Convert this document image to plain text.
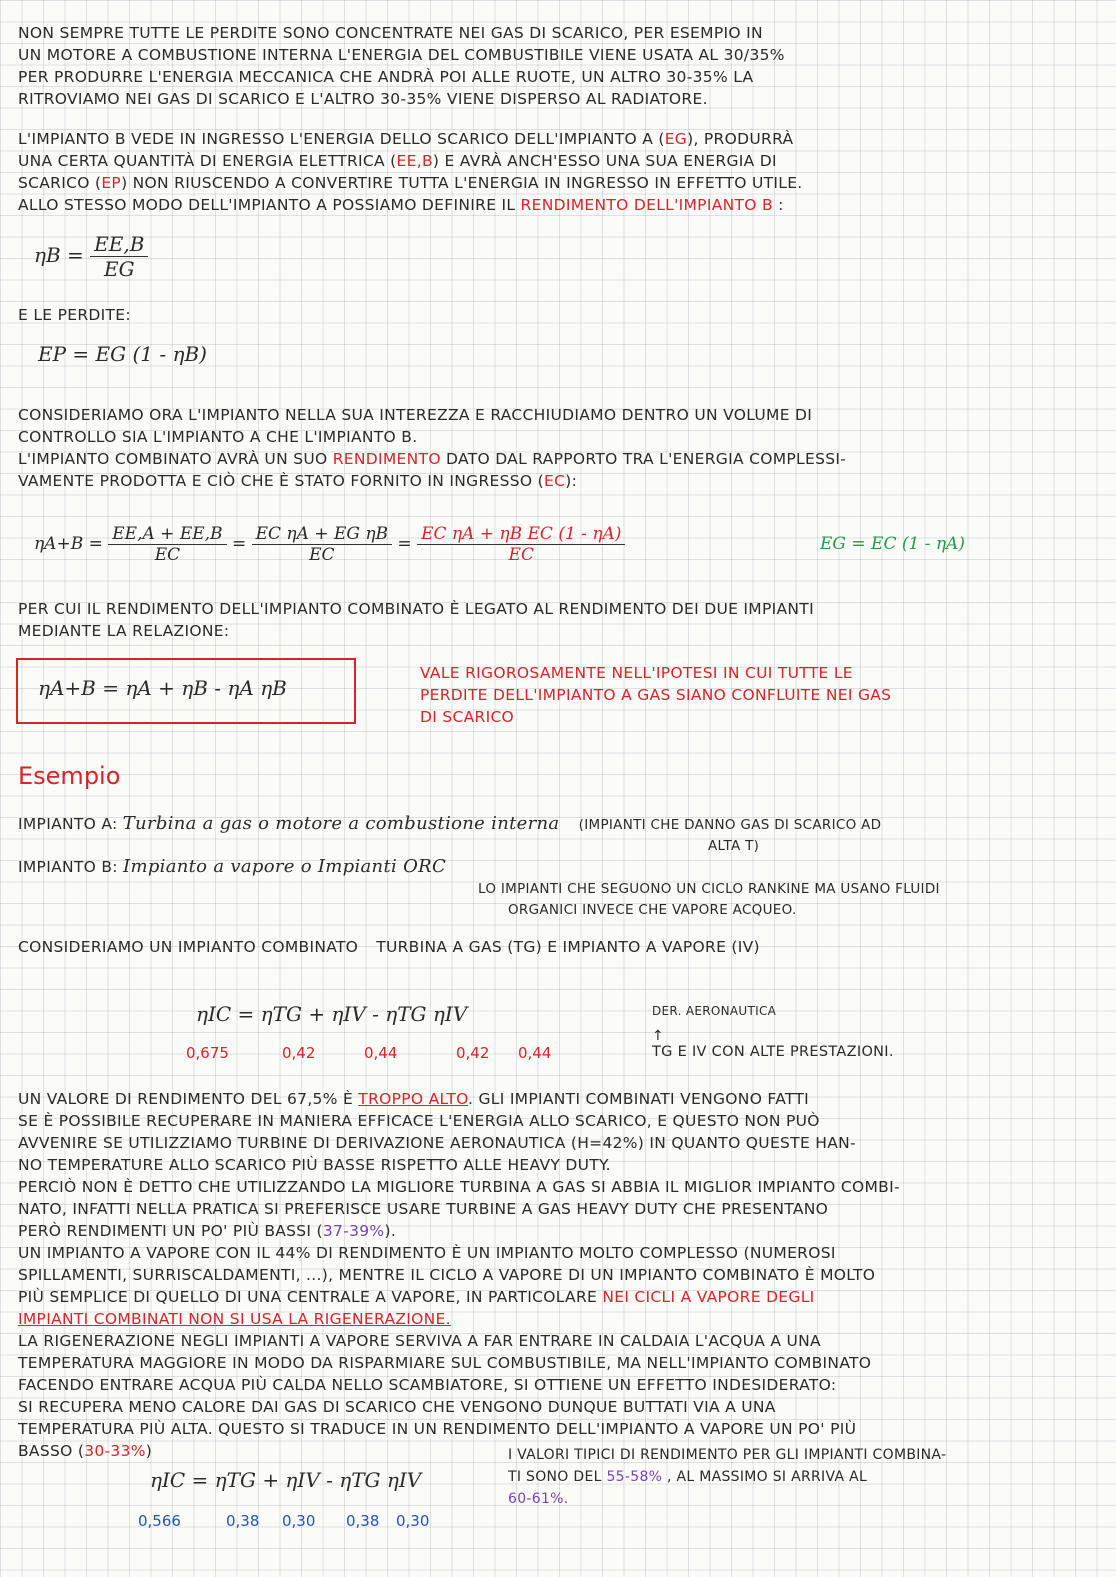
NON SEMPRE TUTTE LE PERDITE SONO CONCENTRATE NEI GAS DI SCARICO, PER ESEMPIO IN
UN MOTORE A COMBUSTIONE INTERNA L'ENERGIA DEL COMBUSTIBILE VIENE USATA AL 30/35%
PER PRODURRE L'ENERGIA MECCANICA CHE ANDRÀ POI ALLE RUOTE, UN ALTRO 30-35% LA
RITROVIAMO NEI GAS DI SCARICO E L'ALTRO 30-35% VIENE DISPERSO AL RADIATORE.
L'IMPIANTO B VEDE IN INGRESSO L'ENERGIA DELLO SCARICO DELL'IMPIANTO A (EG), PRODURRÀ
UNA CERTA QUANTITÀ DI ENERGIA ELETTRICA (EE,B) E AVRÀ ANCH'ESSO UNA SUA ENERGIA DI
SCARICO (EP) NON RIUSCENDO A CONVERTIRE TUTTA L'ENERGIA IN INGRESSO IN EFFETTO UTILE.
ALLO STESSO MODO DELL'IMPIANTO A POSSIAMO DEFINIRE IL RENDIMENTO DELL'IMPIANTO B :
$\eta B = \frac{EE,B}{EG}$
E LE PERDITE:
EP = EG (1 - ηB)
CONSIDERIAMO ORA L'IMPIANTO NELLA SUA INTEREZZA E RACCHIUDIAMO DENTRO UN VOLUME DI
CONTROLLO SIA L'IMPIANTO A CHE L'IMPIANTO B.
L'IMPIANTO COMBINATO AVRÀ UN SUO RENDIMENTO DATO DAL RAPPORTO TRA L'ENERGIA COMPLESSI-
VAMENTE PRODOTTA E CIÒ CHE È STATO FORNITO IN INGRESSO (EC):
$\eta A+B = \frac{EE,A + EE,B}{EC} = \frac{\text{EC ηA + EG ηB}}{EC} = \frac{\text{EC ηA + ηB EC (1 - ηA)}}{EC}$	EG = EC (1 - ηA)
PER CUI IL RENDIMENTO DELL'IMPIANTO COMBINATO È LEGATO AL RENDIMENTO DEI DUE IMPIANTI
MEDIANTE LA RELAZIONE:
ηA+B = ηA + ηB - ηA ηB
VALE RIGOROSAMENTE NELL'IPOTESI IN CUI TUTTE LE
PERDITE DELL'IMPIANTO A GAS SIANO CONFLUITE NEI GAS
DI SCARICO
Esempio
IMPIANTO A: Turbina a gas o motore a combustione interna (IMPIANTI CHE DANNO GAS DI SCARICO AD
ALTA T)
IMPIANTO B: Impianto a vapore o Impianti ORC
LO IMPIANTI CHE SEGUONO UN CICLO RANKINE MA USANO FLUIDI
ORGANICI INVECE CHE VAPORE ACQUEO.
CONSIDERIAMO UN IMPIANTO COMBINATO TURBINA A GAS (TG) E IMPIANTO A VAPORE (IV)
ηIC = ηTG + ηIV - ηTG ηIV
0,675	0,42	0,44	0,42 0,44
DER. AERONAUTICA
↑
TG E IV CON ALTE PRESTAZIONI.
UN VALORE DI RENDIMENTO DEL 67,5% È TROPPO ALTO. GLI IMPIANTI COMBINATI VENGONO FATTI
SE È POSSIBILE RECUPERARE IN MANIERA EFFICACE L'ENERGIA ALLO SCARICO, E QUESTO NON PUÒ
AVVENIRE SE UTILIZZIAMO TURBINE DI DERIVAZIONE AERONAUTICA (Η=42%) IN QUANTO QUESTE HAN-
NO TEMPERATURE ALLO SCARICO PIÙ BASSE RISPETTO ALLE HEAVY DUTY.
PERCIÒ NON È DETTO CHE UTILIZZANDO LA MIGLIORE TURBINA A GAS SI ABBIA IL MIGLIOR IMPIANTO COMBI-
NATO, INFATTI NELLA PRATICA SI PREFERISCE USARE TURBINE A GAS HEAVY DUTY CHE PRESENTANO
PERÒ RENDIMENTI UN PO' PIÙ BASSI (37-39%).
UN IMPIANTO A VAPORE CON IL 44% DI RENDIMENTO È UN IMPIANTO MOLTO COMPLESSO (NUMEROSI
SPILLAMENTI, SURRISCALDAMENTI, ...), MENTRE IL CICLO A VAPORE DI UN IMPIANTO COMBINATO È MOLTO
PIÙ SEMPLICE DI QUELLO DI UNA CENTRALE A VAPORE, IN PARTICOLARE NEI CICLI A VAPORE DEGLI
IMPIANTI COMBINATI NON SI USA LA RIGENERAZIONE.
LA RIGENERAZIONE NEGLI IMPIANTI A VAPORE SERVIVA A FAR ENTRARE IN CALDAIA L'ACQUA A UNA
TEMPERATURA MAGGIORE IN MODO DA RISPARMIARE SUL COMBUSTIBILE, MA NELL'IMPIANTO COMBINATO
FACENDO ENTRARE ACQUA PIÙ CALDA NELLO SCAMBIATORE, SI OTTIENE UN EFFETTO INDESIDERATO:
SI RECUPERA MENO CALORE DAI GAS DI SCARICO CHE VENGONO DUNQUE BUTTATI VIA A UNA
TEMPERATURA PIÙ ALTA. QUESTO SI TRADUCE IN UN RENDIMENTO DELL'IMPIANTO A VAPORE UN PO' PIÙ
BASSO (30-33%)
ηIC = ηTG + ηIV - ηTG ηIV
0,566	0,38 0,30 0,38 0,30
I VALORI TIPICI DI RENDIMENTO PER GLI IMPIANTI COMBINA-
TI SONO DEL 55-58% , AL MASSIMO SI ARRIVA AL
60-61%.
